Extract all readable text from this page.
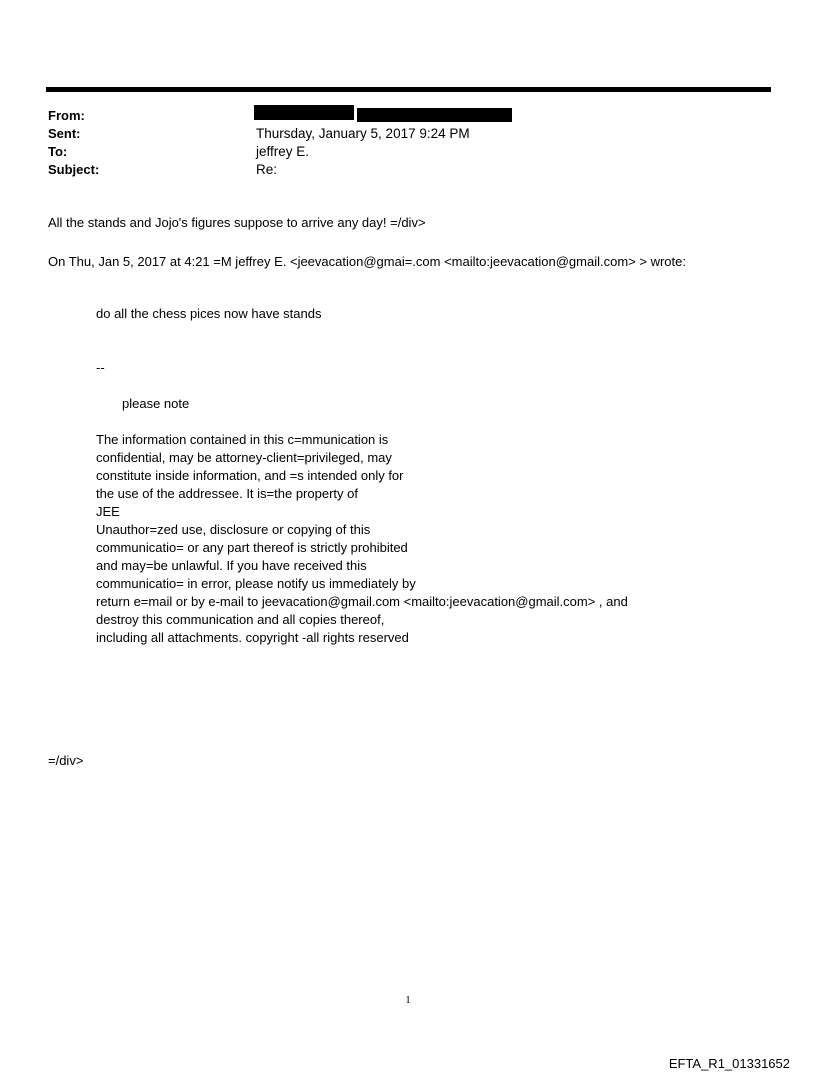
From:
Sent:
To:
Subject:
Thursday, January 5, 2017 9:24 PM
jeffrey E.
Re:
All the stands and Jojo's figures suppose to arrive any day! =/div>
On Thu, Jan 5, 2017 at 4:21 =M jeffrey E. <jeevacation@gmai=.com <mailto:jeevacation@gmail.com> > wrote:
do all the chess pices now have stands
--
please note
The information contained in this c=mmunication is
confidential, may be attorney-client=privileged, may
constitute inside information, and =s intended only for
the use of the addressee. It is=the property of
JEE
Unauthor=zed use, disclosure or copying of this
communicatio= or any part thereof is strictly prohibited
and may=be unlawful. If you have received this
communicatio= in error, please notify us immediately by
return e=mail or by e-mail to jeevacation@gmail.com <mailto:jeevacation@gmail.com> , and
destroy this communication and all copies thereof,
including all attachments. copyright -all rights reserved
=/div>
1
EFTA_R1_01331652
